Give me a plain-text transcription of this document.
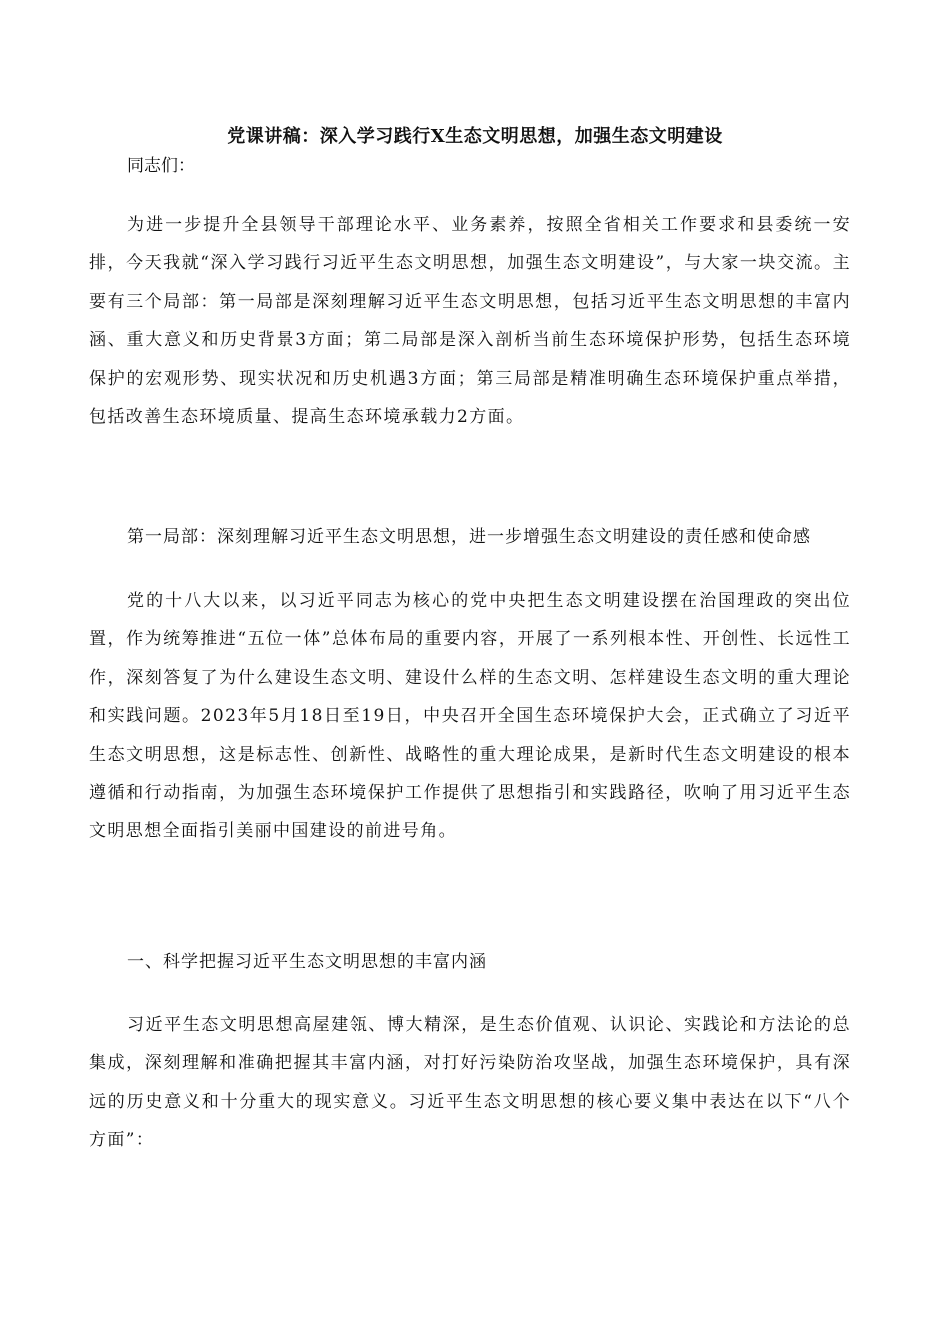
党课讲稿：深入学习践行X生态文明思想，加强生态文明建设
同志们：

为进一步提升全县领导干部理论水平、业务素养，按照全省相关工作要求和县委统一安排，今天我就“深入学习践行习近平生态文明思想，加强生态文明建设”，与大家一块交流。主要有三个局部：第一局部是深刻理解习近平生态文明思想，包括习近平生态文明思想的丰富内涵、重大意义和历史背景3方面；第二局部是深入剖析当前生态环境保护形势，包括生态环境保护的宏观形势、现实状况和历史机遇3方面；第三局部是精准明确生态环境保护重点举措，包括改善生态环境质量、提高生态环境承载力2方面。

第一局部：深刻理解习近平生态文明思想，进一步增强生态文明建设的责任感和使命感

党的十八大以来，以习近平同志为核心的党中央把生态文明建设摆在治国理政的突出位置，作为统筹推进“五位一体”总体布局的重要内容，开展了一系列根本性、开创性、长远性工作，深刻答复了为什么建设生态文明、建设什么样的生态文明、怎样建设生态文明的重大理论和实践问题。2023年5月18日至19日，中央召开全国生态环境保护大会，正式确立了习近平生态文明思想，这是标志性、创新性、战略性的重大理论成果，是新时代生态文明建设的根本遵循和行动指南，为加强生态环境保护工作提供了思想指引和实践路径，吹响了用习近平生态文明思想全面指引美丽中国建设的前进号角。

一、科学把握习近平生态文明思想的丰富内涵

习近平生态文明思想高屋建瓴、博大精深，是生态价值观、认识论、实践论和方法论的总集成，深刻理解和准确把握其丰富内涵，对打好污染防治攻坚战，加强生态环境保护，具有深远的历史意义和十分重大的现实意义。习近平生态文明思想的核心要义集中表达在以下“八个方面”：
